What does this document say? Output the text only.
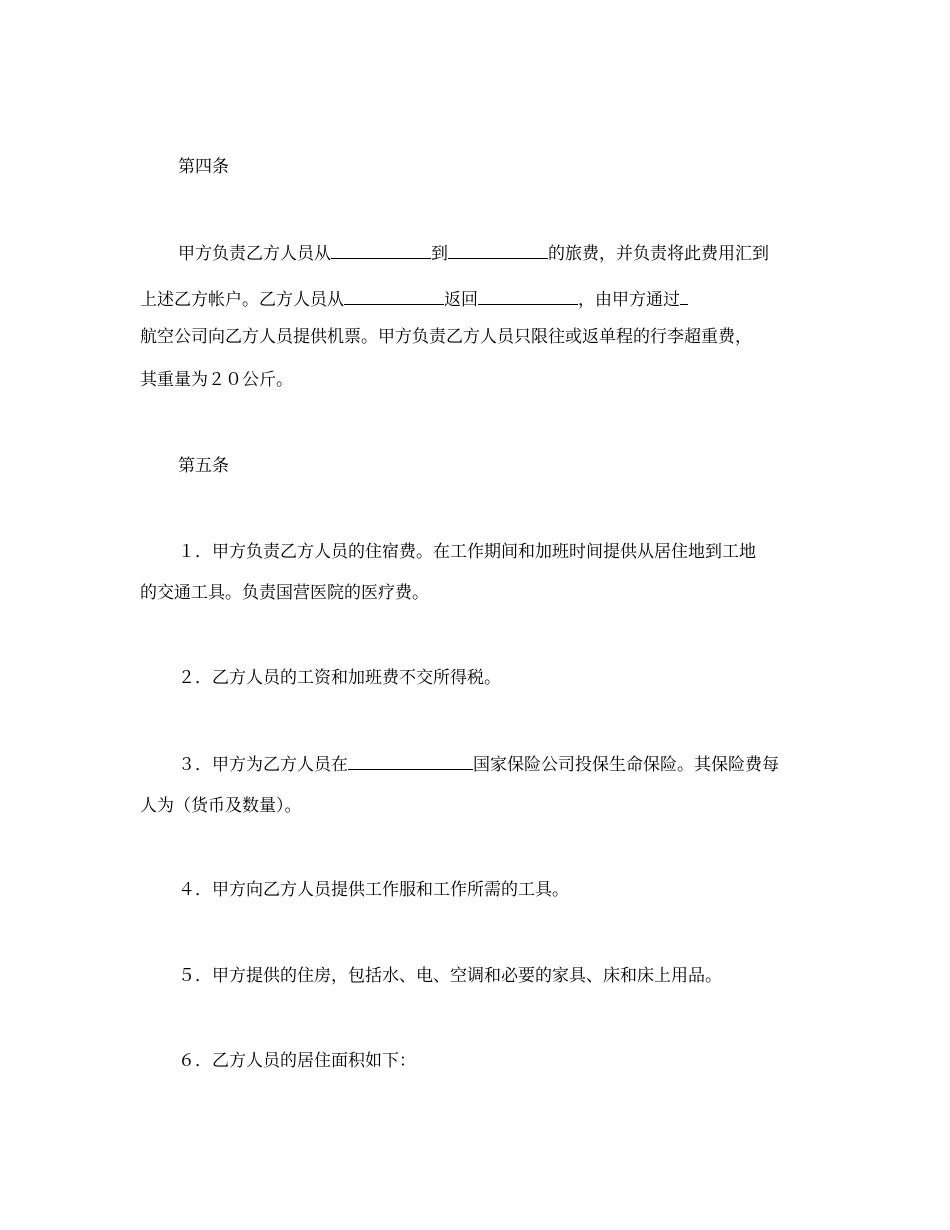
第四条
甲方负责乙方人员从	到	的旅费，并负责将此费用汇到
上述乙方帐户。乙方人员从	返回	，由甲方通过
航空公司向乙方人员提供机票。甲方负责乙方人员只限往或返单程的行李超重费，
其重量为２０公斤。
第五条
１．甲方负责乙方人员的住宿费。在工作期间和加班时间提供从居住地到工地
的交通工具。负责国营医院的医疗费。
２．乙方人员的工资和加班费不交所得税。
３．甲方为乙方人员在	国家保险公司投保生命保险。其保险费每
人为（货币及数量）。
４．甲方向乙方人员提供工作服和工作所需的工具。
５．甲方提供的住房，包括水、电、空调和必要的家具、床和床上用品。
６．乙方人员的居住面积如下：
